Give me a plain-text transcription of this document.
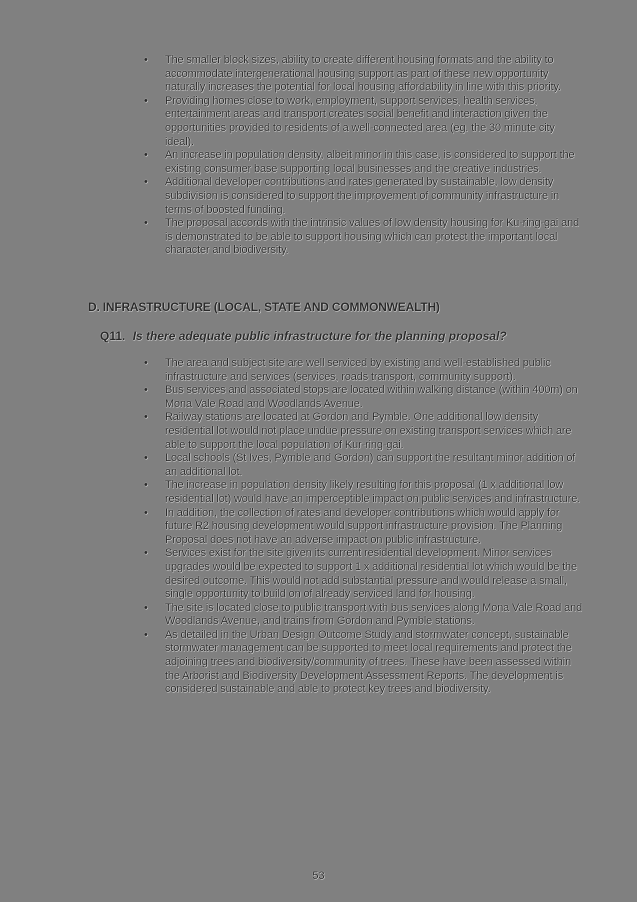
• The smaller block sizes, ability to create different housing formats and the ability to accommodate intergenerational housing support as part of these new opportunity naturally increases the potential for local housing affordability in line with this priority.
• Providing homes close to work, employment, support services, health services, entertainment areas and transport creates social benefit and interaction given the opportunities provided to residents of a well-connected area (eg. the 30 minute city ideal).
• An increase in population density, albeit minor in this case, is considered to support the existing consumer base supporting local businesses and the creative industries.
• Additional developer contributions and rates generated by sustainable, low density subdivision is considered to support the improvement of community infrastructure in terms of boosted funding.
• The proposal accords with the intrinsic values of low density housing for Ku-ring-gai and is demonstrated to be able to support housing which can protect the important local character and biodiversity.
D. INFRASTRUCTURE (LOCAL, STATE AND COMMONWEALTH)
Q11. Is there adequate public infrastructure for the planning proposal?
• The area and subject site are well serviced by existing and well-established public infrastructure and services (services, roads transport, community support).
• Bus services and associated stops are located within walking distance (within 400m) on Mona Vale Road and Woodlands Avenue.
• Railway stations are located at Gordon and Pymble. One additional low density residential lot would not place undue pressure on existing transport services which are able to support the local population of Kur-ring-gai.
• Local schools (St Ives, Pymble and Gordon) can support the resultant minor addition of an additional lot.
• The increase in population density likely resulting for this proposal (1 x additional low residential lot) would have an imperceptible impact on public services and infrastructure.
• In addition, the collection of rates and developer contributions which would apply for future R2 housing development would support infrastructure provision. The Planning Proposal does not have an adverse impact on public infrastructure.
• Services exist for the site given its current residential development. Minor services upgrades would be expected to support 1 x additional residential lot which would be the desired outcome. This would not add substantial pressure and would release a small, single opportunity to build on of already serviced land for housing.
• The site is located close to public transport with bus services along Mona Vale Road and Woodlands Avenue, and trains from Gordon and Pymble stations.
• As detailed in the Urban Design Outcome Study and stormwater concept, sustainable stormwater management can be supported to meet local requirements and protect the adjoining trees and biodiversity/community of trees. These have been assessed within the Arborist and Biodiversity Development Assessment Reports. The development is considered sustainable and able to protect key trees and biodiversity.
53
